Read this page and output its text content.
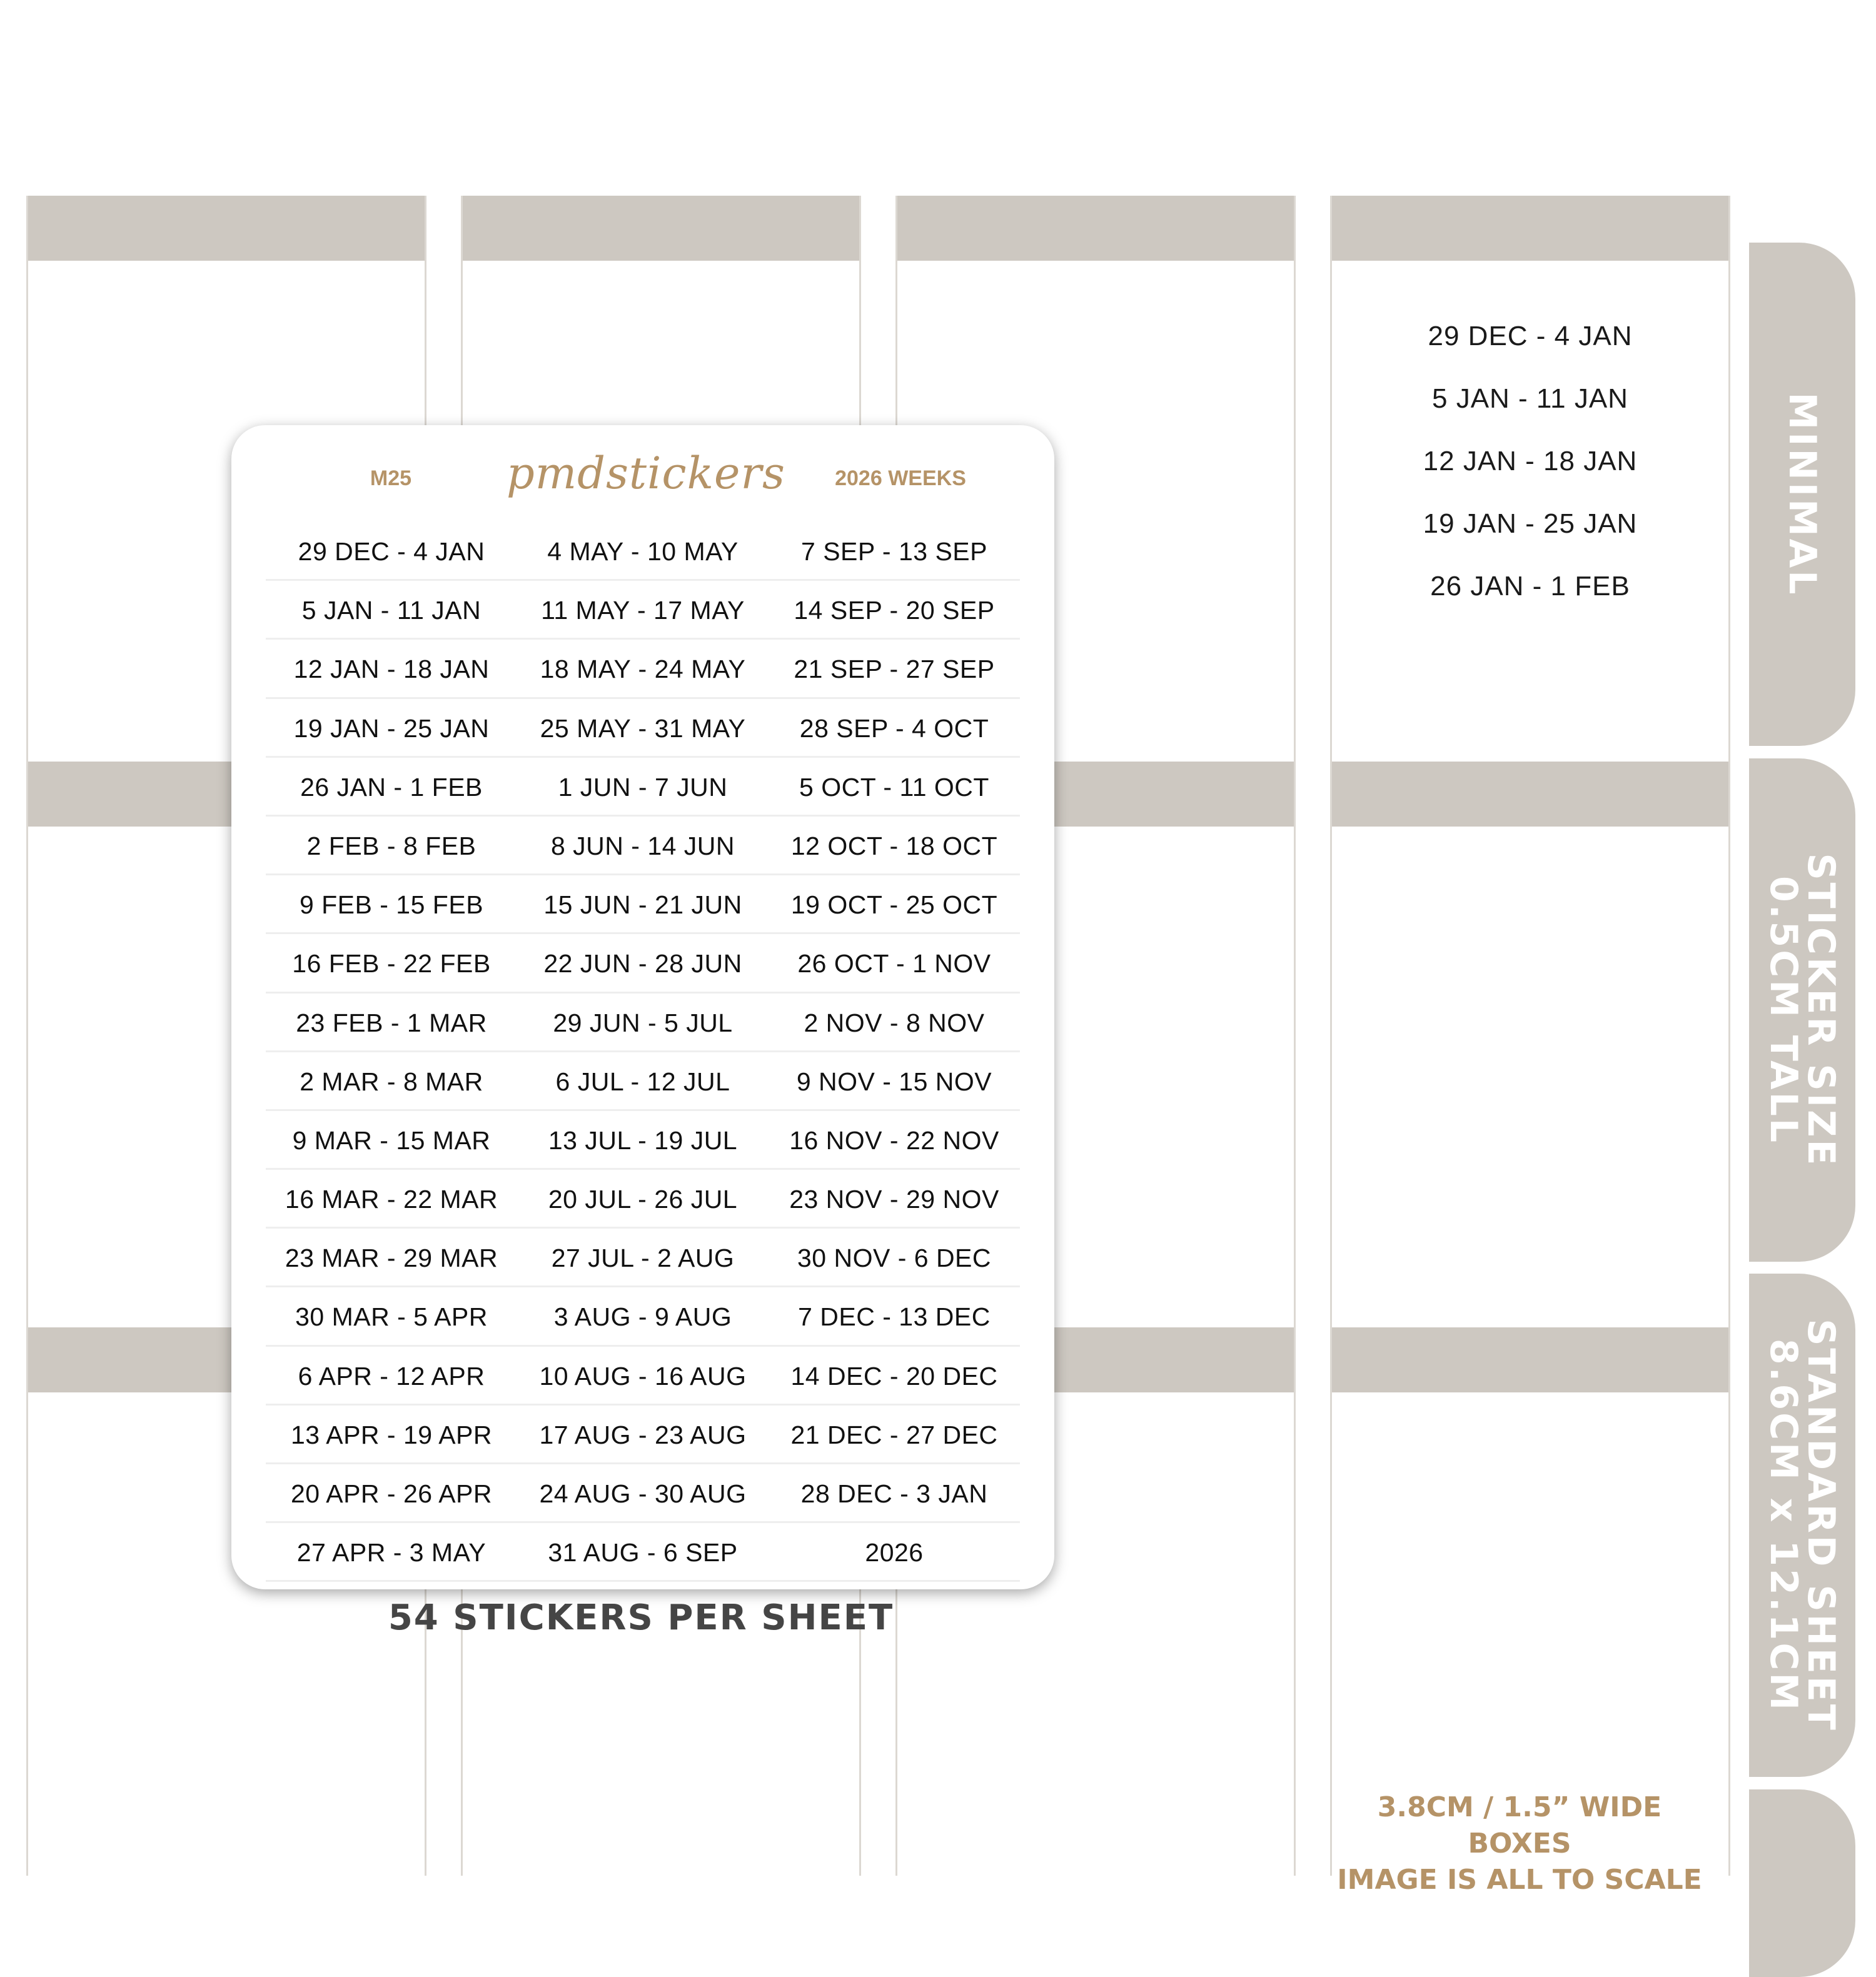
29 DEC - 4 JAN
5 JAN - 11 JAN
12 JAN - 18 JAN
19 JAN - 25 JAN
26 JAN - 1 FEB	MINIMAL
STICKER SIZE
0.5CM TALL
STANDARD SHEET
8.6CM x 12.1CM
M25	pmdstickers	2026 WEEKS
29 DEC - 4 JAN	4 MAY - 10 MAY	7 SEP - 13 SEP
5 JAN - 11 JAN	11 MAY - 17 MAY	14 SEP - 20 SEP
12 JAN - 18 JAN	18 MAY - 24 MAY	21 SEP - 27 SEP
19 JAN - 25 JAN	25 MAY - 31 MAY	28 SEP - 4 OCT
26 JAN - 1 FEB	1 JUN - 7 JUN	5 OCT - 11 OCT
2 FEB - 8 FEB	8 JUN - 14 JUN	12 OCT - 18 OCT
9 FEB - 15 FEB	15 JUN - 21 JUN	19 OCT - 25 OCT
16 FEB - 22 FEB	22 JUN - 28 JUN	26 OCT - 1 NOV
23 FEB - 1 MAR	29 JUN - 5 JUL	2 NOV - 8 NOV
2 MAR - 8 MAR	6 JUL - 12 JUL	9 NOV - 15 NOV
9 MAR - 15 MAR	13 JUL - 19 JUL	16 NOV - 22 NOV
16 MAR - 22 MAR	20 JUL - 26 JUL	23 NOV - 29 NOV
23 MAR - 29 MAR	27 JUL - 2 AUG	30 NOV - 6 DEC
30 MAR - 5 APR	3 AUG - 9 AUG	7 DEC - 13 DEC
6 APR - 12 APR	10 AUG - 16 AUG	14 DEC - 20 DEC
13 APR - 19 APR	17 AUG - 23 AUG	21 DEC - 27 DEC
20 APR - 26 APR	24 AUG - 30 AUG	28 DEC - 3 JAN
27 APR - 3 MAY	31 AUG - 6 SEP	2026
54 STICKERS PER SHEET
3.8CM / 1.5” WIDE BOXES
IMAGE IS ALL TO SCALE
